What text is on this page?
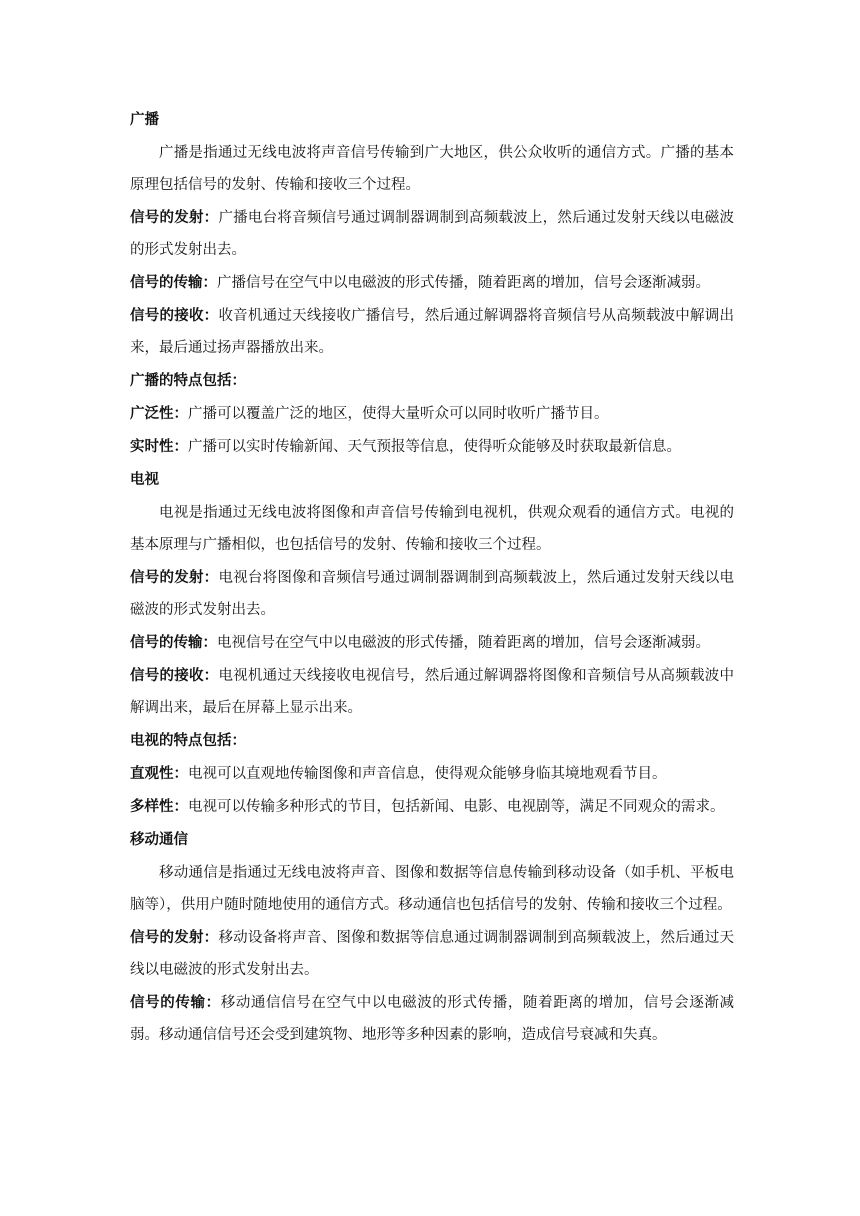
广播
广播是指通过无线电波将声音信号传输到广大地区，供公众收听的通信方式。广播的基本原理包括信号的发射、传输和接收三个过程。
信号的发射：广播电台将音频信号通过调制器调制到高频载波上，然后通过发射天线以电磁波的形式发射出去。
信号的传输：广播信号在空气中以电磁波的形式传播，随着距离的增加，信号会逐渐减弱。
信号的接收：收音机通过天线接收广播信号，然后通过解调器将音频信号从高频载波中解调出来，最后通过扬声器播放出来。
广播的特点包括：
广泛性：广播可以覆盖广泛的地区，使得大量听众可以同时收听广播节目。
实时性：广播可以实时传输新闻、天气预报等信息，使得听众能够及时获取最新信息。
电视
电视是指通过无线电波将图像和声音信号传输到电视机，供观众观看的通信方式。电视的基本原理与广播相似，也包括信号的发射、传输和接收三个过程。
信号的发射：电视台将图像和音频信号通过调制器调制到高频载波上，然后通过发射天线以电磁波的形式发射出去。
信号的传输：电视信号在空气中以电磁波的形式传播，随着距离的增加，信号会逐渐减弱。
信号的接收：电视机通过天线接收电视信号，然后通过解调器将图像和音频信号从高频载波中解调出来，最后在屏幕上显示出来。
电视的特点包括：
直观性：电视可以直观地传输图像和声音信息，使得观众能够身临其境地观看节目。
多样性：电视可以传输多种形式的节目，包括新闻、电影、电视剧等，满足不同观众的需求。
移动通信
移动通信是指通过无线电波将声音、图像和数据等信息传输到移动设备（如手机、平板电脑等），供用户随时随地使用的通信方式。移动通信也包括信号的发射、传输和接收三个过程。
信号的发射：移动设备将声音、图像和数据等信息通过调制器调制到高频载波上，然后通过天线以电磁波的形式发射出去。
信号的传输：移动通信信号在空气中以电磁波的形式传播，随着距离的增加，信号会逐渐减弱。移动通信信号还会受到建筑物、地形等多种因素的影响，造成信号衰减和失真。
